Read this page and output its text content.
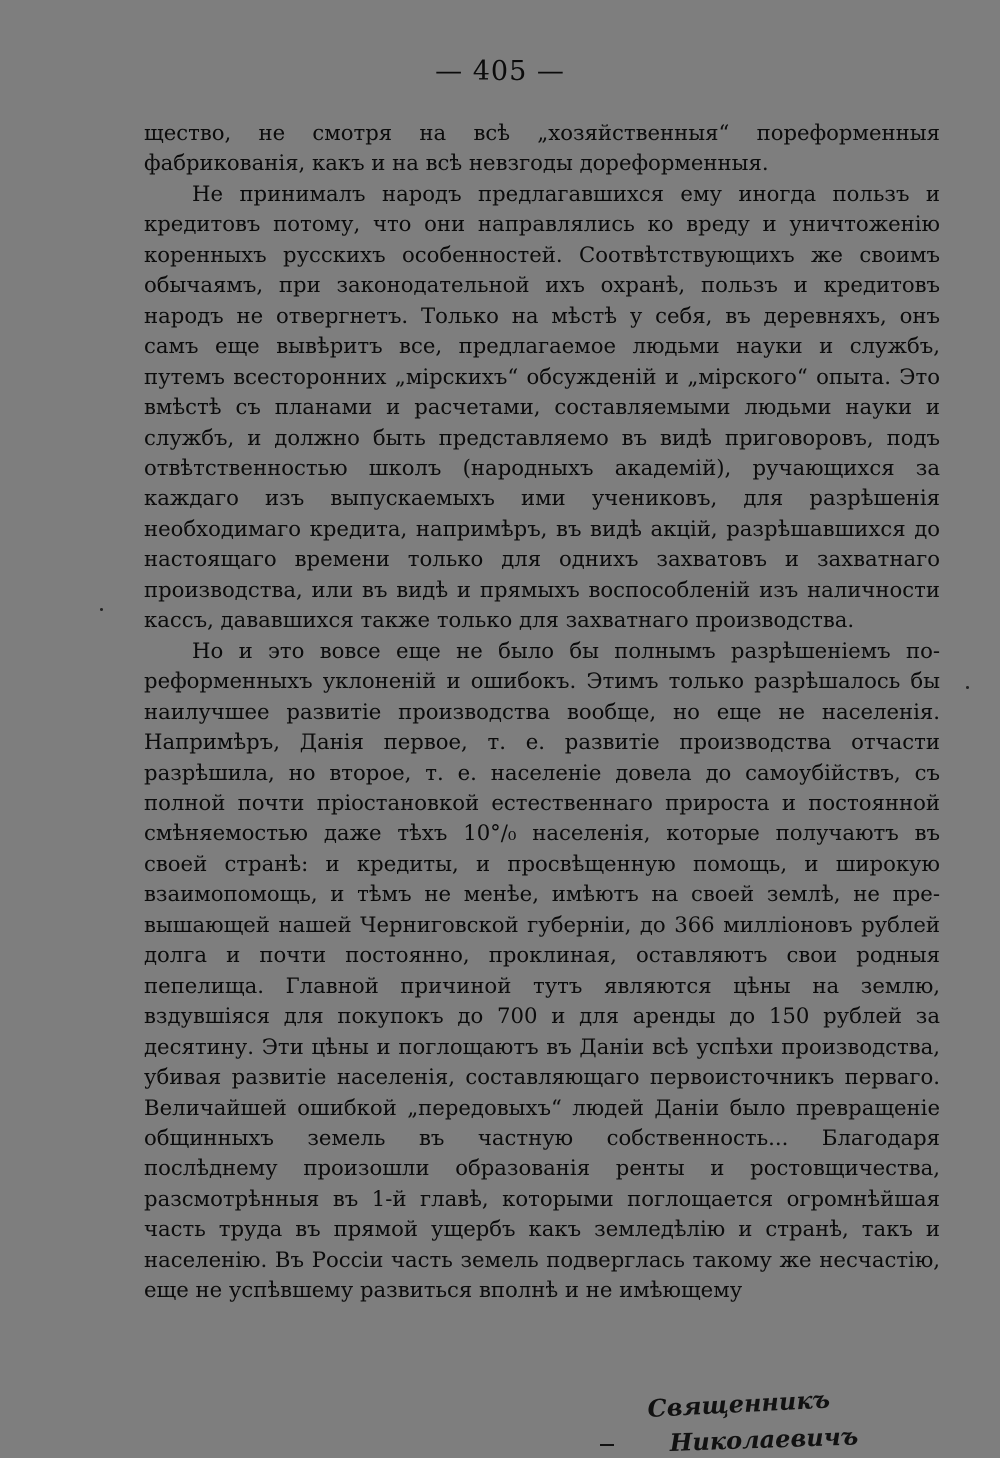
— 405 —

щество, не смотря на всѣ „хозяйственныя“ пореформенныя фабрикованія, какъ и на всѣ невзгоды дореформенныя.

Не принималъ народъ предлагавшихся ему иногда пользъ и кредитовъ потому, что они направлялись ко вреду и уничтоженію коренныхъ русскихъ особенностей. Соотвѣтствующихъ же своимъ обычаямъ, при законодательной ихъ охранѣ, пользъ и кредитовъ народъ не отвергнетъ. Только на мѣстѣ у себя, въ деревняхъ, онъ самъ еще вывѣритъ все, предлагаемое людьми науки и службъ, путемъ всесторонних „мірскихъ“ обсужденій и „мірского“ опыта. Это вмѣстѣ съ планами и расчетами, составляемыми людьми науки и службъ, и должно быть представляемо въ видѣ приговоровъ, подъ отвѣтственностью школъ (народныхъ академій), ручающихся за каждаго изъ выпускаемыхъ ими учениковъ, для разрѣшенія необходимаго кредита, напримѣръ, въ видѣ акцій, разрѣшавшихся до настоящаго времени только для однихъ захватовъ и захватнаго производства, или въ видѣ и прямыхъ воспособленій изъ наличности кассъ, дававшихся также только для захватнаго производства.

Но и это вовсе еще не было бы полнымъ разрѣшеніемъ пореформенныхъ уклоненій и ошибокъ. Этимъ только разрѣшалось бы наилучшее развитіе производства вообще, но еще не населенія. Напримѣръ, Данія первое, т. е. развитіе производства отчасти разрѣшила, но второе, т. е. населеніе довела до самоубійствъ, съ полной почти пріостановкой естественнаго прироста и постоянной смѣняемостью даже тѣхъ 10°/₀ населенія, которые получаютъ въ своей странѣ: и кредиты, и просвѣщенную помощь, и широкую взаимопомощь, и тѣмъ не менѣе, имѣютъ на своей землѣ, не превышающей нашей Черниговской губерніи, до 366 милліоновъ рублей долга и почти постоянно, проклиная, оставляютъ свои родныя пепелища. Главной причиной тутъ являются цѣны на землю, вздувшіяся для покупокъ до 700 и для аренды до 150 рублей за десятину. Эти цѣны и поглощаютъ въ Даніи всѣ успѣхи производства, убивая развитіе населенія, составляющаго первоисточникъ перваго. Величайшей ошибкой „передовыхъ“ людей Даніи было превращеніе общинныхъ земель въ частную собственность... Благодаря послѣднему произошли образованія ренты и ростовщичества, разсмотрѣнныя въ 1-й главѣ, которыми поглощается огромнѣйшая часть труда въ прямой ущербъ какъ земледѣлію и странѣ, такъ и населенію. Въ Россіи часть земель подверглась такому же несчастію, еще не успѣвшему развиться вполнѣ и не имѣющему

Священникъ
Николаевичъ
